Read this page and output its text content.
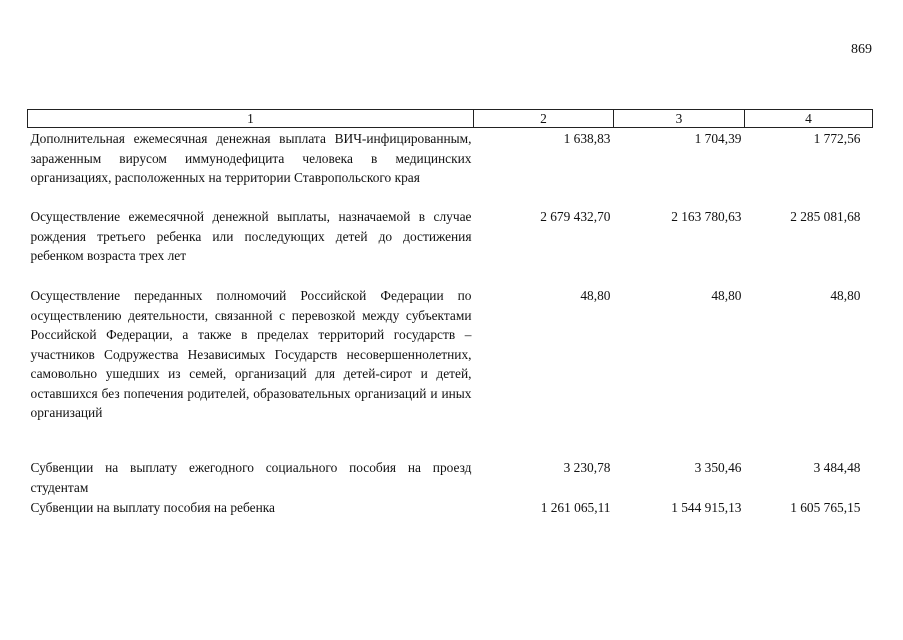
869
1	2	3	4
Дополнительная ежемесячная денежная выплата ВИЧ-инфицированным, зараженным вирусом иммунодефицита человека в медицинских организациях, расположенных на территории Ставропольского края	1 638,83	1 704,39	1 772,56
Осуществление ежемесячной денежной выплаты, назначаемой в случае рождения третьего ребенка или последующих детей до достижения ребенком возраста трех лет	2 679 432,70	2 163 780,63	2 285 081,68
Осуществление переданных полномочий Российской Федерации по осуществлению деятельности, связанной с перевозкой между субъектами Российской Федерации, а также в пределах территорий государств – участников Содружества Независимых Государств несовершеннолетних, самовольно ушедших из семей, организаций для детей-сирот и детей, оставшихся без попечения родителей, образовательных организаций и иных организаций	48,80	48,80	48,80
Субвенции на выплату ежегодного социального пособия на проезд студентам	3 230,78	3 350,46	3 484,48
Субвенции на выплату пособия на ребенка	1 261 065,11	1 544 915,13	1 605 765,15
